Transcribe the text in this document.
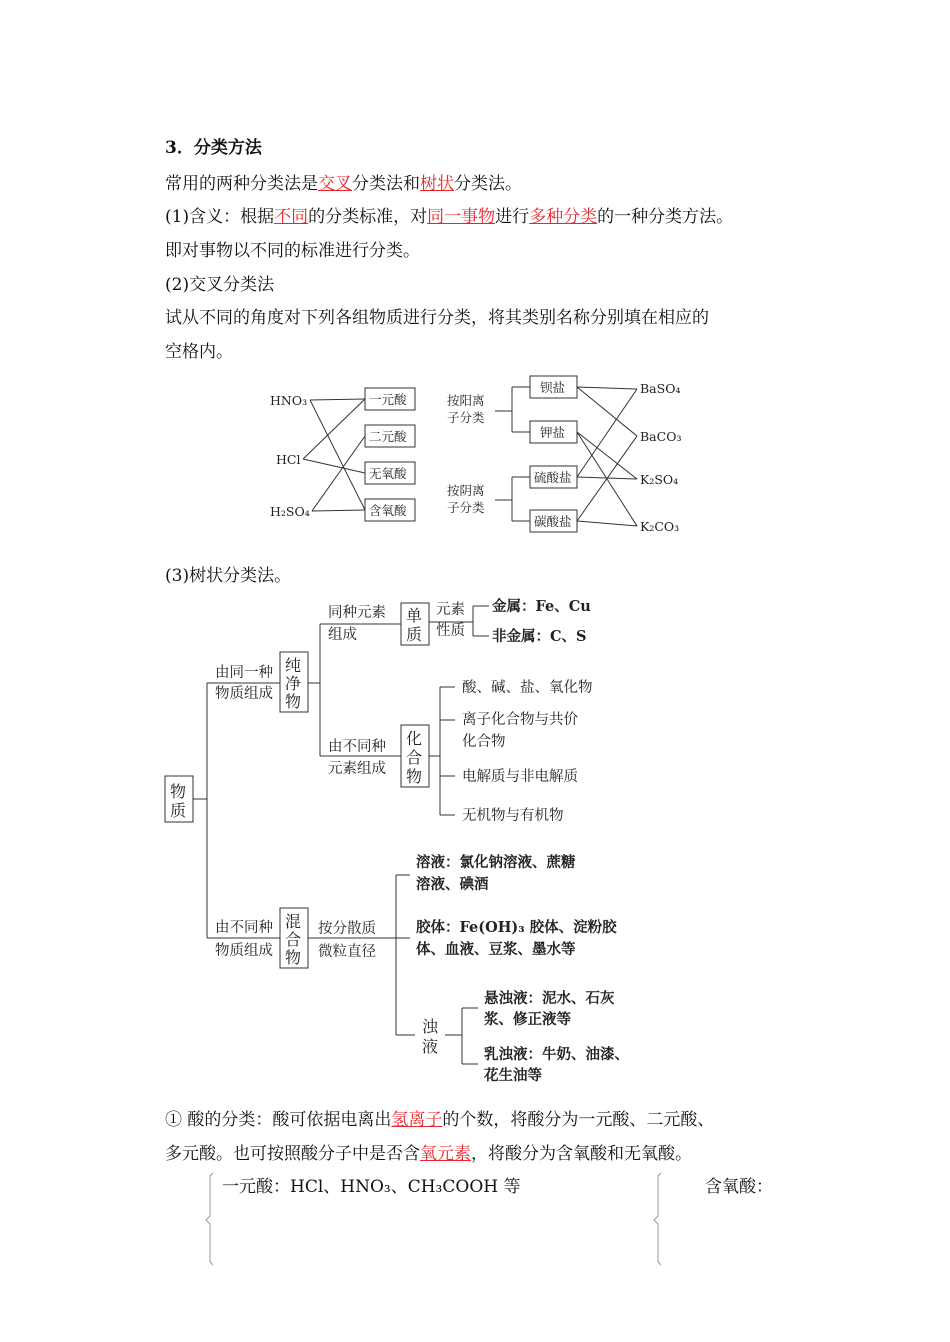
3．分类方法
常用的两种分类法是交叉分类法和树状分类法。
(1)含义：根据不同的分类标准，对同一事物进行多种分类的一种分类方法。
即对事物以不同的标准进行分类。
(2)交叉分类法
试从不同的角度对下列各组物质进行分类，将其类别名称分别填在相应的
空格内。
HNO₃
HCl
H₂SO₄
一元酸
二元酸
无氧酸
含氧酸
按阳离
子分类
按阴离
子分类
钡盐
钾盐
硫酸盐
碳酸盐
BaSO₄
BaCO₃
K₂SO₄
K₂CO₃
(3)树状分类法。
物
质
纯
净
物
单
质
化
合
物
混
合
物
浊
液
由同一种
物质组成
由不同种
物质组成
同种元素
组成
由不同种
元素组成
元素
性质
按分散质
微粒直径
金属：Fe、Cu
非金属：C、S
酸、碱、盐、氧化物
离子化合物与共价
化合物
电解质与非电解质
无机物与有机物
溶液：氯化钠溶液、蔗糖
溶液、碘酒
胶体：Fe(OH)₃ 胶体、淀粉胶
体、血液、豆浆、墨水等
悬浊液：泥水、石灰
浆、修正液等
乳浊液：牛奶、油漆、
花生油等
① 酸的分类：酸可依据电离出氢离子的个数，将酸分为一元酸、二元酸、
多元酸。也可按照酸分子中是否含氧元素，将酸分为含氧酸和无氧酸。
一元酸：HCl、HNO₃、CH₃COOH 等	含氧酸：
